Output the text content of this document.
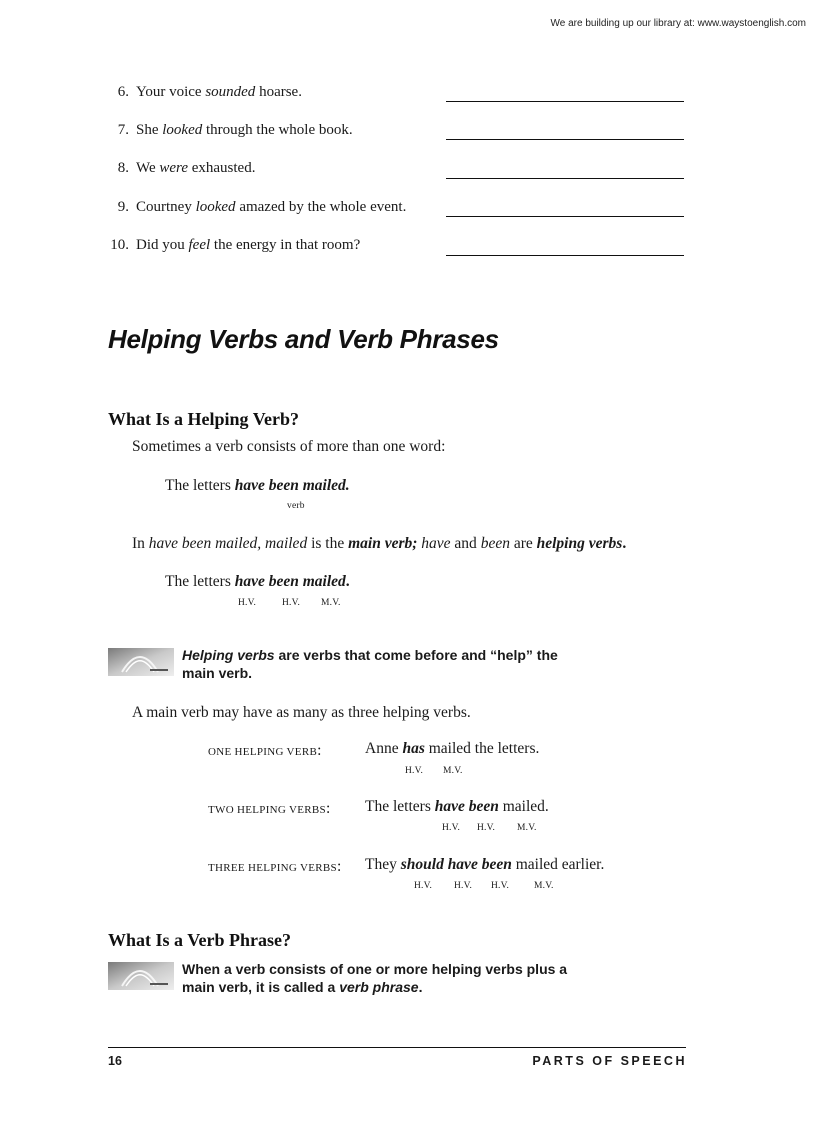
We are building up our library at: www.waystoenglish.com
6. Your voice sounded hoarse.
7. She looked through the whole book.
8. We were exhausted.
9. Courtney looked amazed by the whole event.
10. Did you feel the energy in that room?
Helping Verbs and Verb Phrases
What Is a Helping Verb?
Sometimes a verb consists of more than one word:
The letters have been mailed.
verb
In have been mailed, mailed is the main verb; have and been are helping verbs.
The letters have been mailed.
H.V.	H.V. M.V.
Helping verbs are verbs that come before and “help” the
main verb.
A main verb may have as many as three helping verbs.
ONE HELPING VERB:	Anne has mailed the letters.
H.V. M.V.
TWO HELPING VERBS: The letters have been mailed.
H.V. H.V. M.V.
THREE HELPING VERBS: They should have been mailed earlier.
H.V. H.V. H.V.	M.V.
What Is a Verb Phrase?
When a verb consists of one or more helping verbs plus a
main verb, it is called a verb phrase.
16	PARTS OF SPEECH
